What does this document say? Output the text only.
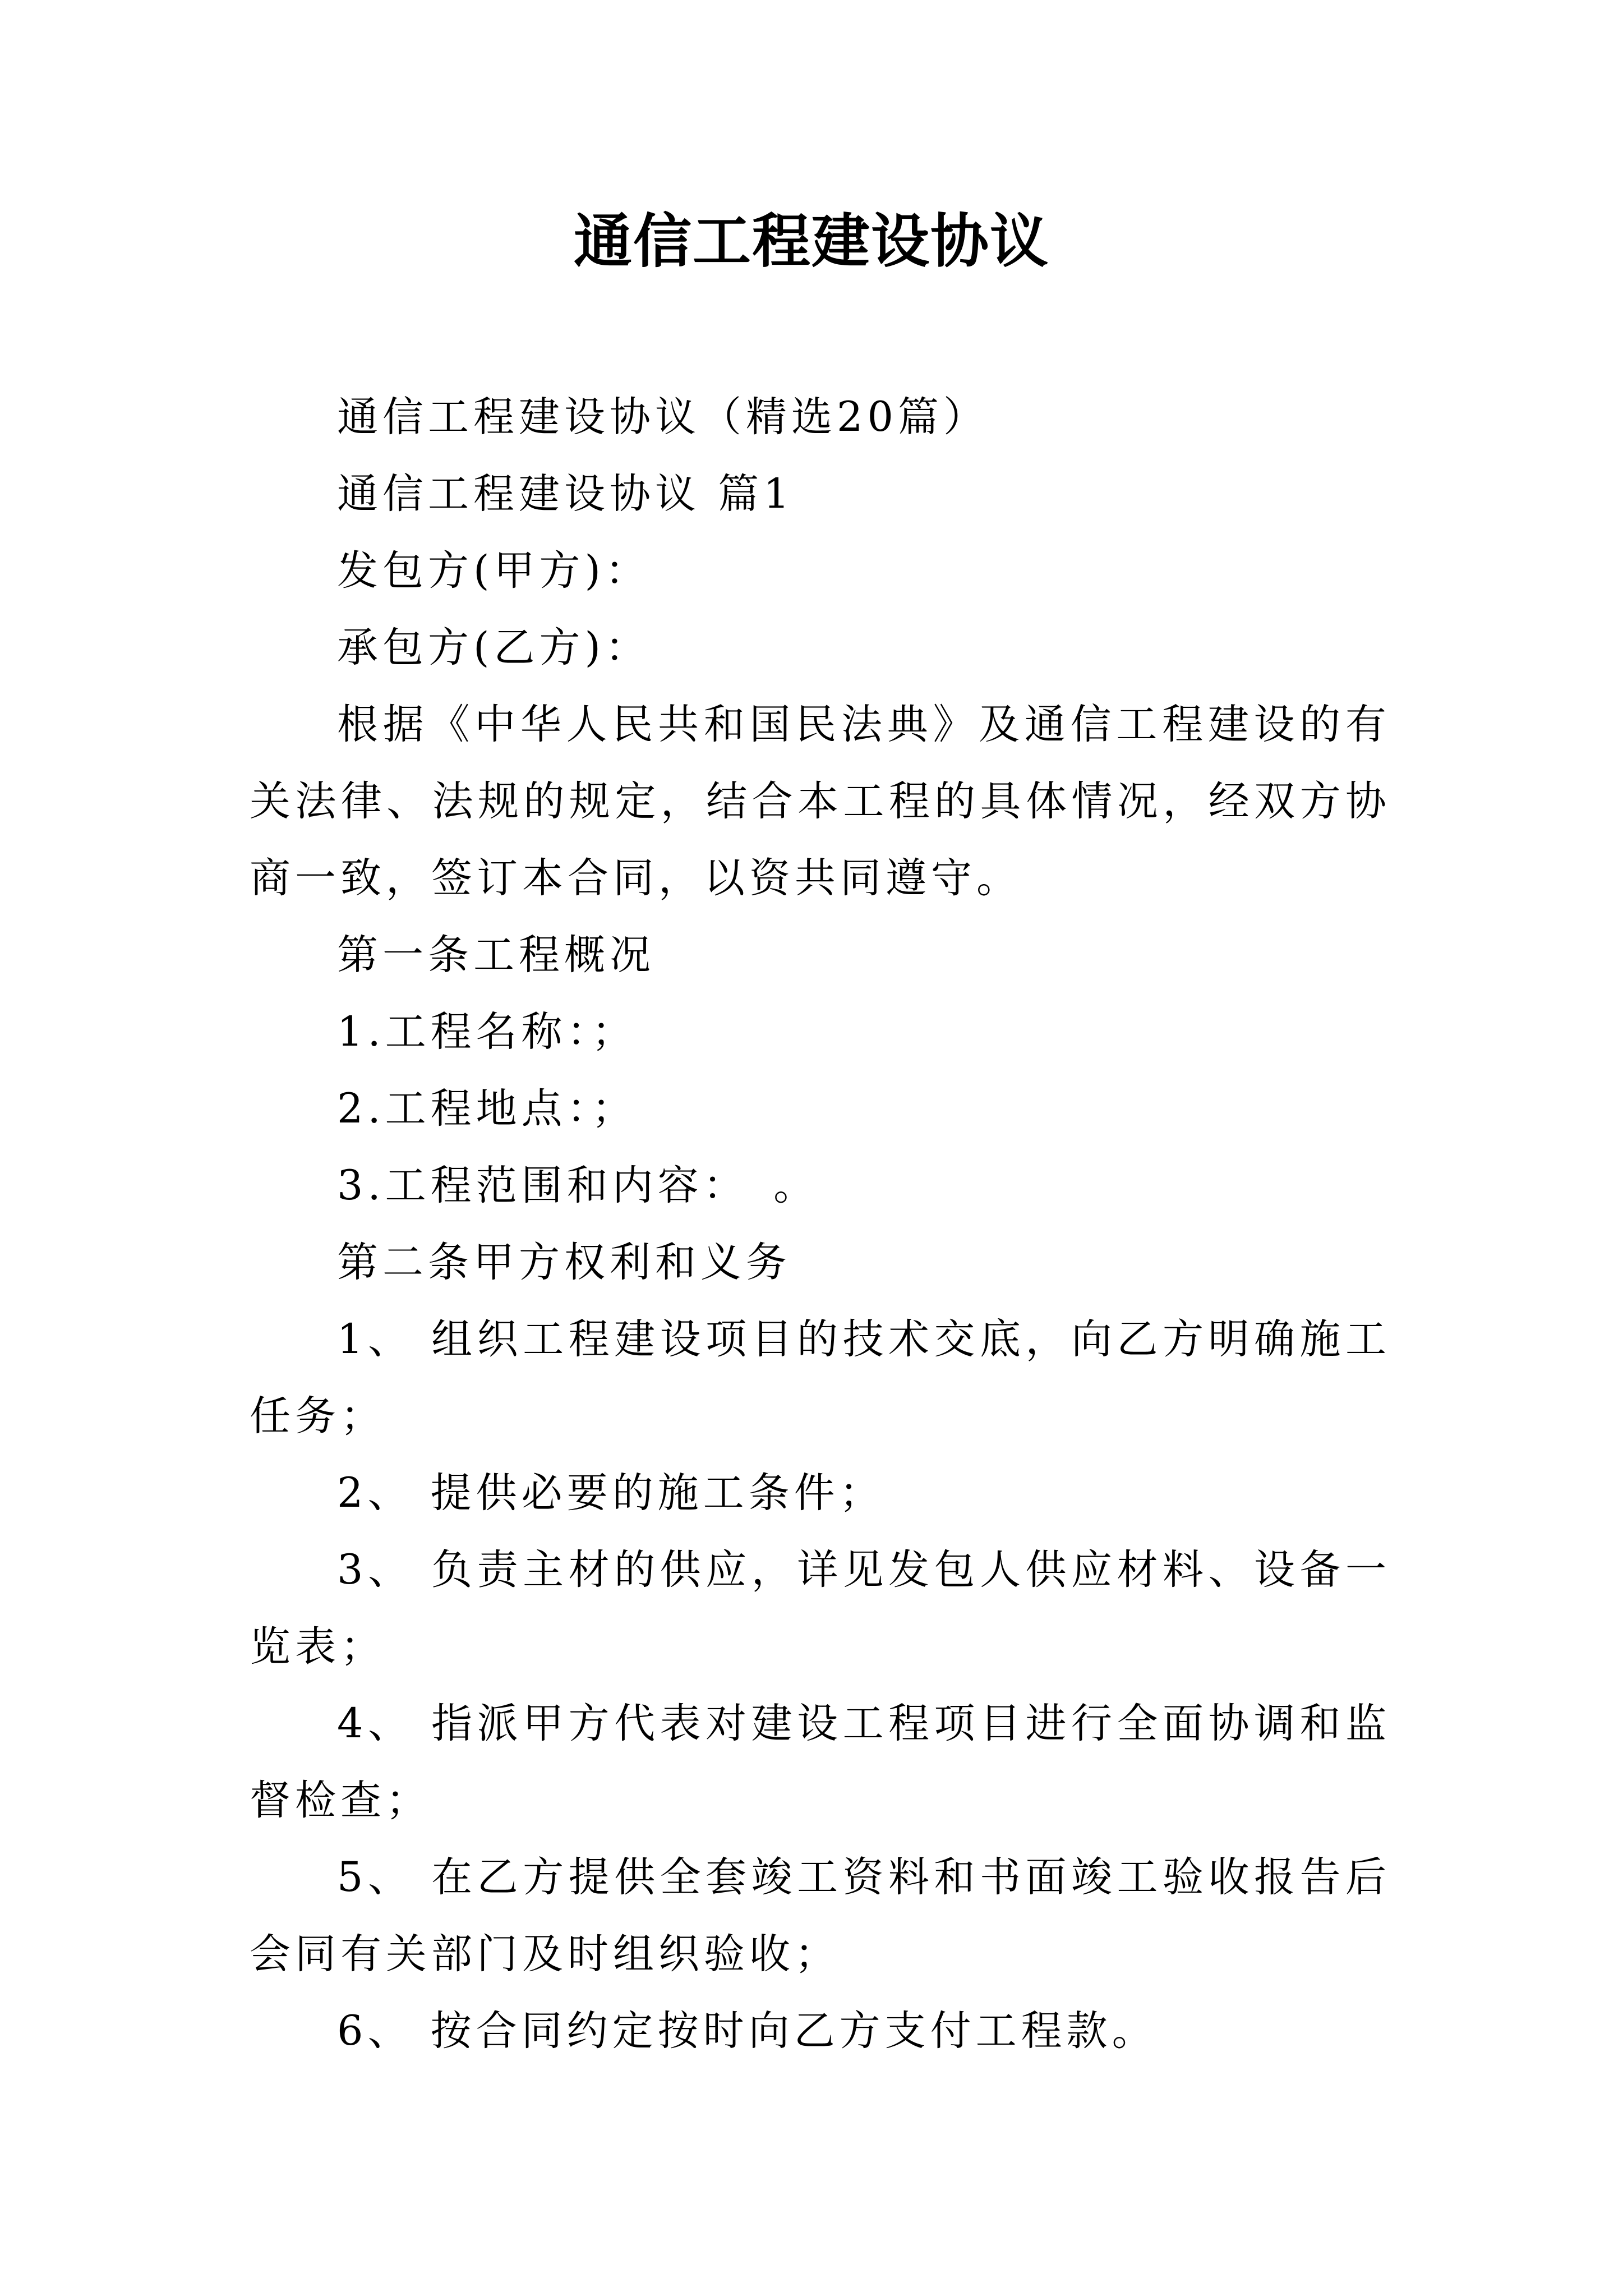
通信工程建设协议

通信工程建设协议（精选20篇）

通信工程建设协议 篇1

发包方(甲方)：

承包方(乙方)：

根据《中华人民共和国民法典》及通信工程建设的有关法律、法规的规定，结合本工程的具体情况，经双方协商一致，签订本合同，以资共同遵守。

第一条工程概况

1.工程名称：；

2.工程地点：；

3.工程范围和内容：　。

第二条甲方权利和义务

1、 组织工程建设项目的技术交底，向乙方明确施工任务；

2、 提供必要的施工条件；

3、 负责主材的供应，详见发包人供应材料、设备一览表；

4、 指派甲方代表对建设工程项目进行全面协调和监督检查；

5、 在乙方提供全套竣工资料和书面竣工验收报告后会同有关部门及时组织验收；

6、 按合同约定按时向乙方支付工程款。
